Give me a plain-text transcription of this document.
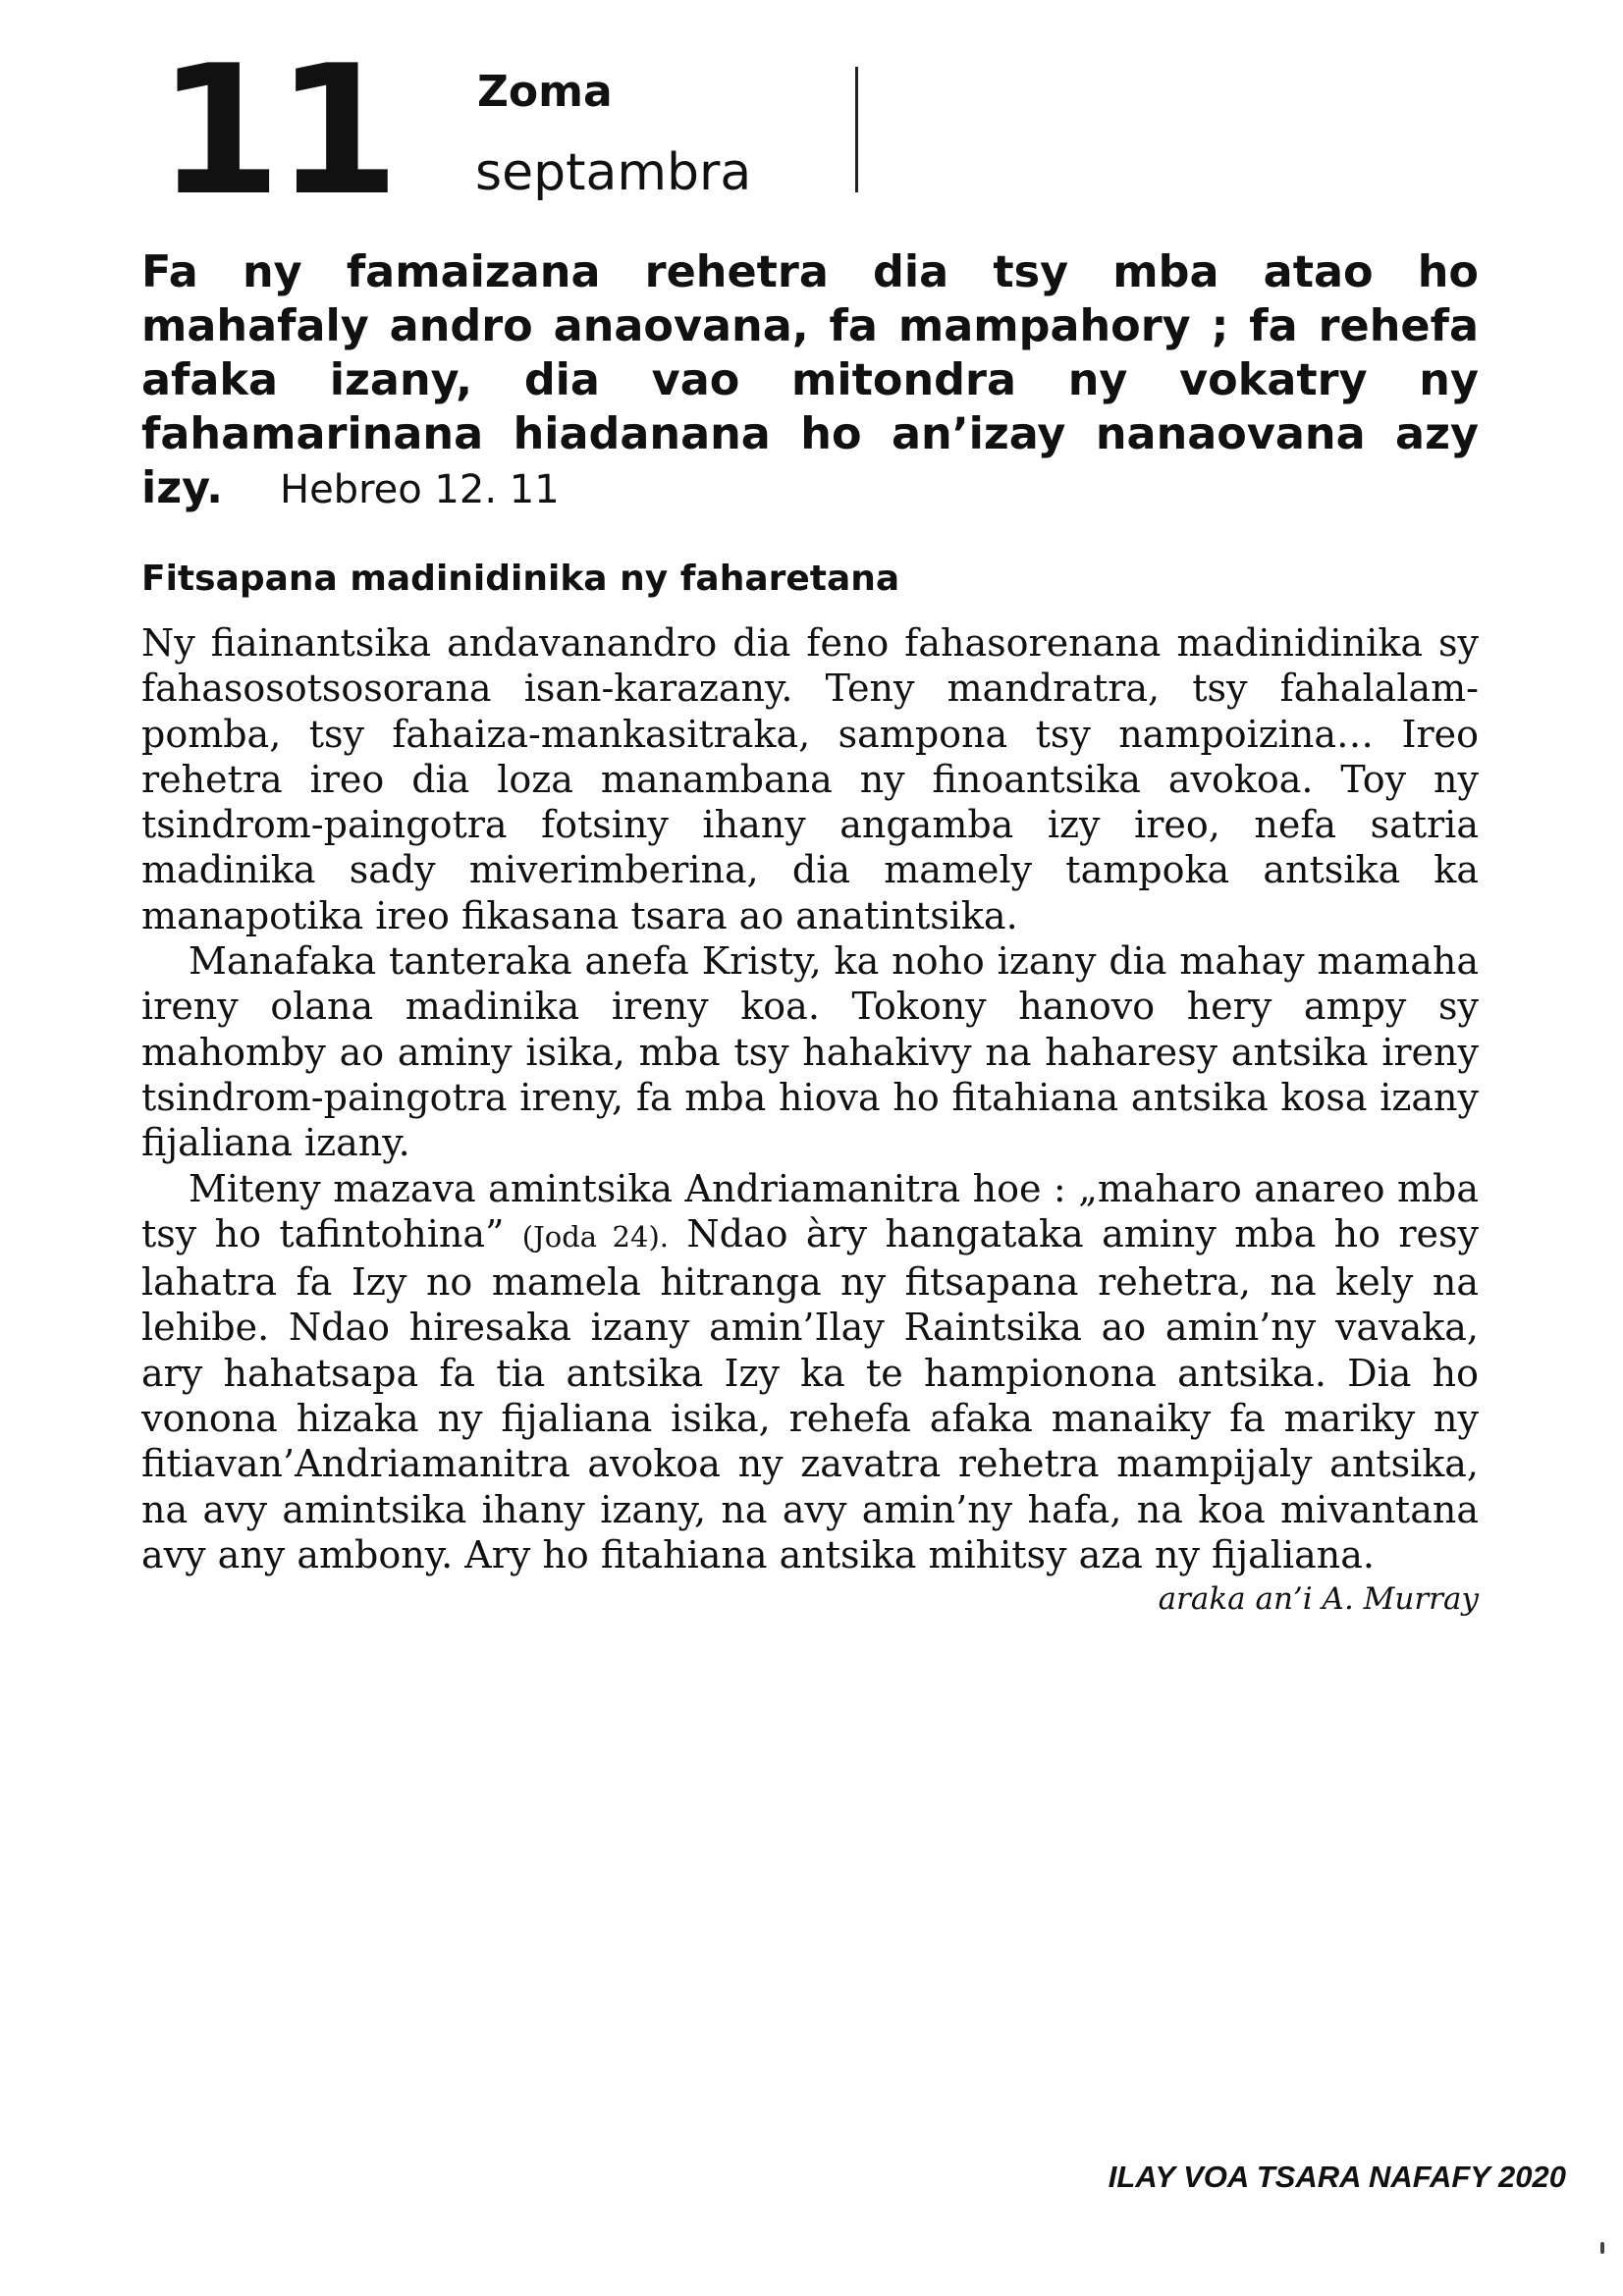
11 Zoma
septambra

Fa ny famaizana rehetra dia tsy mba atao ho mahafaly andro anaovana, fa mampahory ; fa rehefa afaka izany, dia vao mitondra ny vokatry ny fahamarinana hiadanana ho an’izay nanaovana azy izy. Hebreo 12. 11

Fitsapana madinidinika ny faharetana

Ny fiainantsika andavanandro dia feno fahasorenana madinidinika sy fahasosotsosorana isan-karazany. Teny mandratra, tsy fahalalam-pomba, tsy fahaiza-mankasitraka, sampona tsy nampoizina… Ireo rehetra ireo dia loza manambana ny finoantsika avokoa. Toy ny tsindrom-paingotra fotsiny ihany angamba izy ireo, nefa satria madinika sady miverimberina, dia mamely tampoka antsika ka manapotika ireo fikasana tsara ao anatintsika.

Manafaka tanteraka anefa Kristy, ka noho izany dia mahay mamaha ireny olana madinika ireny koa. Tokony hanovo hery ampy sy mahomby ao aminy isika, mba tsy hahakivy na haharesy antsika ireny tsindrom-paingotra ireny, fa mba hiova ho fitahiana antsika kosa izany fijaliana izany.

Miteny mazava amintsika Andriamanitra hoe : „maharo anareo mba tsy ho tafintohina” (Joda 24). Ndao àry hangataka aminy mba ho resy lahatra fa Izy no mamela hitranga ny fitsapana rehetra, na kely na lehibe. Ndao hiresaka izany amin’Ilay Raintsika ao amin’ny vavaka, ary hahatsapa fa tia antsika Izy ka te hampionona antsika. Dia ho vonona hizaka ny fijaliana isika, rehefa afaka manaiky fa mariky ny fitiavan’Andriamanitra avokoa ny zavatra rehetra mampijaly antsika, na avy amintsika ihany izany, na avy amin’ny hafa, na koa mivantana avy any ambony. Ary ho fitahiana antsika mihitsy aza ny fijaliana.

araka an’i A. Murray
ILAY VOA TSARA NAFAFY 2020
